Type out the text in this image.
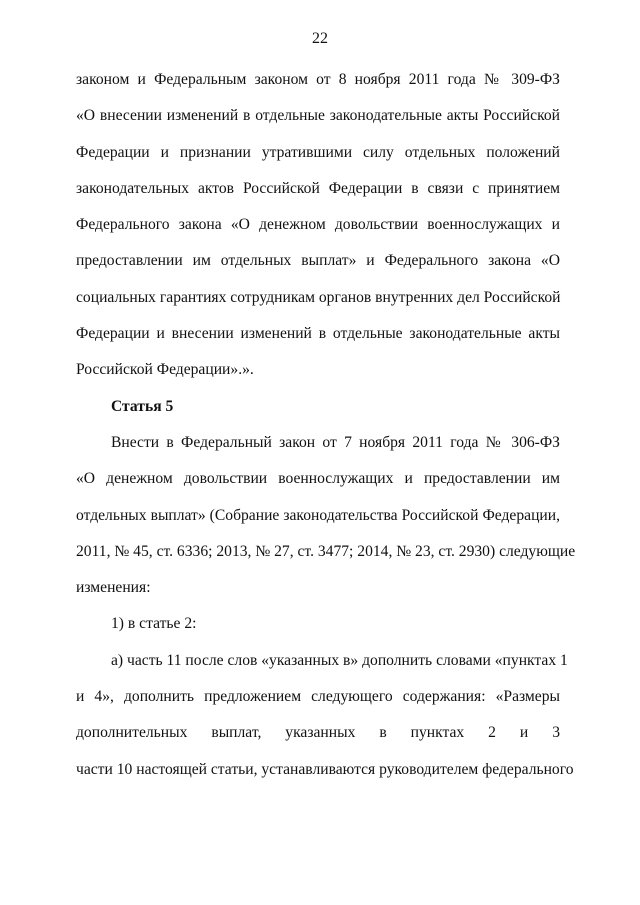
22
законом и Федеральным законом от 8 ноября 2011 года № 309-ФЗ
«О внесении изменений в отдельные законодательные акты Российской
Федерации и признании утратившими силу отдельных положений
законодательных актов Российской Федерации в связи с принятием
Федерального закона «О денежном довольствии военнослужащих и
предоставлении им отдельных выплат» и Федерального закона «О
социальных гарантиях сотрудникам органов внутренних дел Российской
Федерации и внесении изменений в отдельные законодательные акты
Российской Федерации».».
Статья 5
Внести в Федеральный закон от 7 ноября 2011 года № 306-ФЗ
«О денежном довольствии военнослужащих и предоставлении им
отдельных выплат» (Собрание законодательства Российской Федерации,
2011, № 45, ст. 6336; 2013, № 27, ст. 3477; 2014, № 23, ст. 2930) следующие
изменения:
1) в статье 2:
а) часть 11 после слов «указанных в» дополнить словами «пунктах 1
и 4», дополнить предложением следующего содержания: «Размеры
дополнительных выплат, указанных в пунктах 2 и 3
части 10 настоящей статьи, устанавливаются руководителем федерального
